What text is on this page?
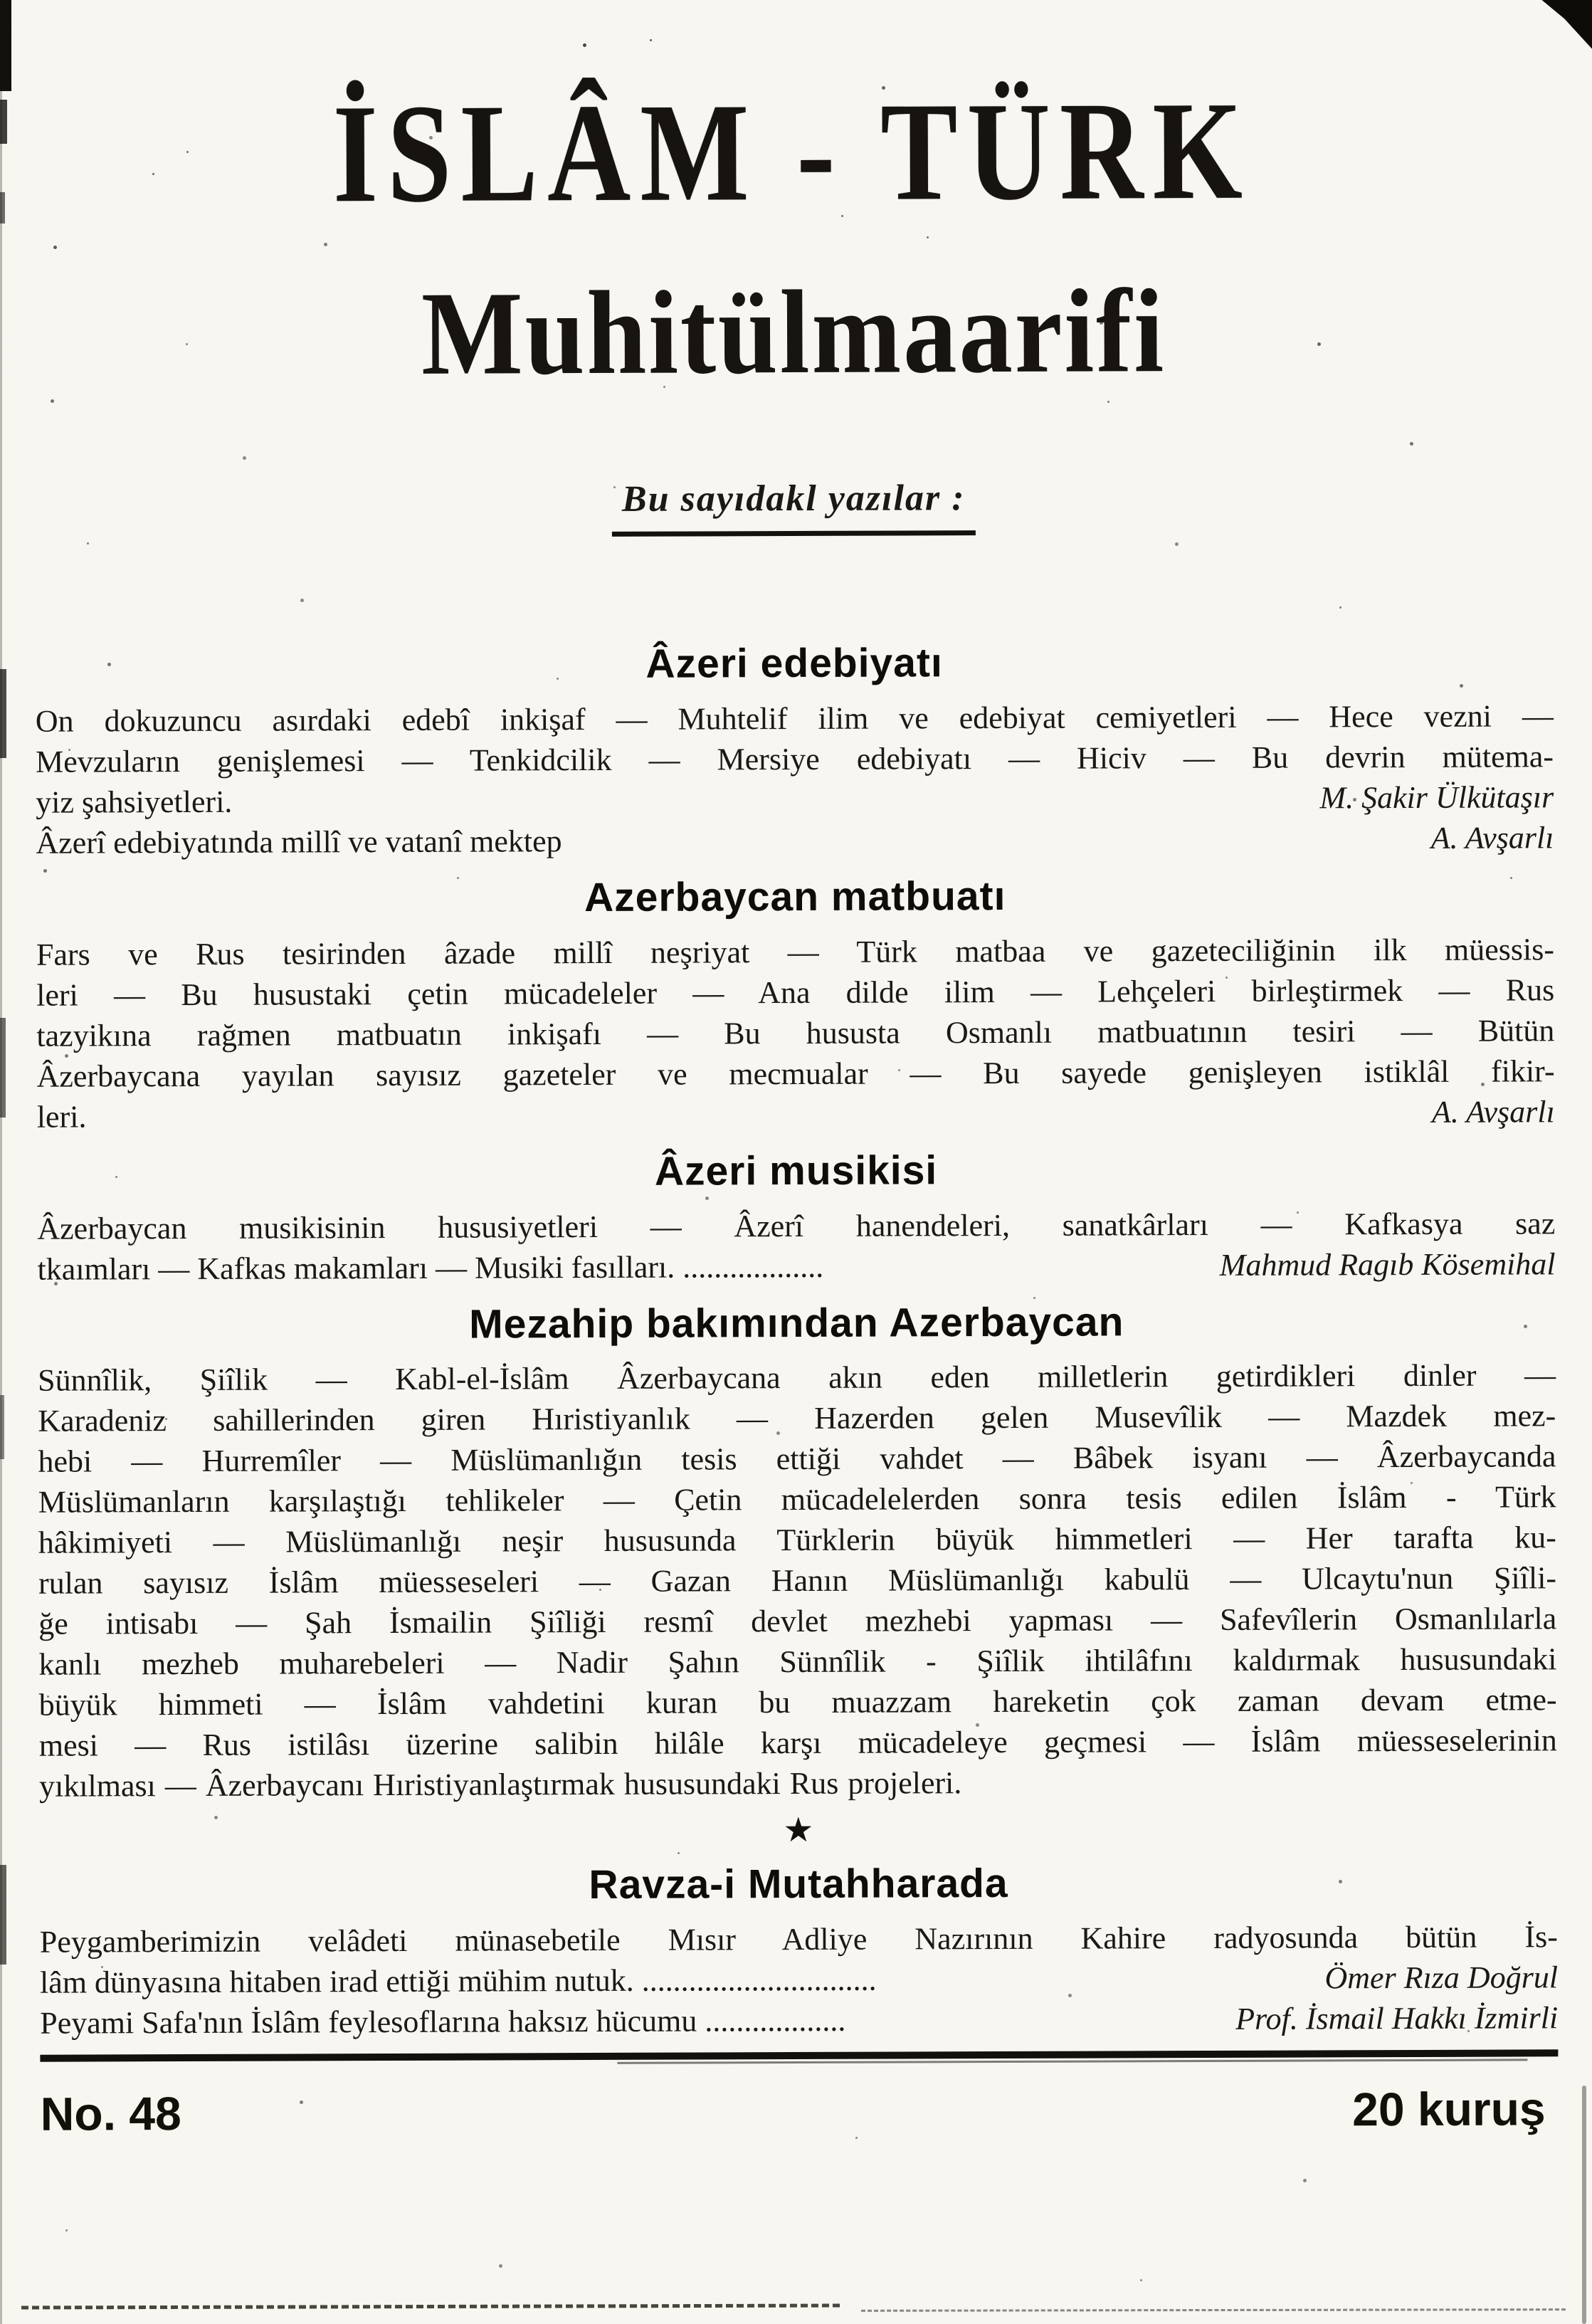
İSLÂM - TÜRK
Muhitülmaarifi
Bu sayıdakl yazılar :
Âzeri edebiyatı
On dokuzuncu asırdaki edebî inkişaf — Muhtelif ilim ve edebiyat cemiyetleri — Hece vezni —
Mevzuların genişlemesi — Tenkidcilik — Mersiye edebiyatı — Hiciv — Bu devrin mütema-
yiz şahsiyetleri.	M. Şakir Ülkütaşır
Âzerî edebiyatında millî ve vatanî mektep	A. Avşarlı
Azerbaycan matbuatı
Fars ve Rus tesirinden âzade millî neşriyat — Türk matbaa ve gazeteciliğinin ilk müessis-
leri — Bu husustaki çetin mücadeleler — Ana dilde ilim — Lehçeleri birleştirmek — Rus
tazyikına rağmen matbuatın inkişafı — Bu hususta Osmanlı matbuatının tesiri — Bütün
Âzerbaycana yayılan sayısız gazeteler ve mecmualar — Bu sayede genişleyen istiklâl fikir-
leri.	A. Avşarlı
Âzeri musikisi
Âzerbaycan musikisinin hususiyetleri — Âzerî hanendeleri, sanatkârları — Kafkasya saz
tkaımları — Kafkas makamları — Musiki fasılları. ..................	Mahmud Ragıb Kösemihal
Mezahip bakımından Azerbaycan
Sünnîlik, Şiîlik — Kabl-el-İslâm Âzerbaycana akın eden milletlerin getirdikleri dinler —
Karadeniz sahillerinden giren Hıristiyanlık — Hazerden gelen Musevîlik — Mazdek mez-
hebi — Hurremîler — Müslümanlığın tesis ettiği vahdet — Bâbek isyanı — Âzerbaycanda
Müslümanların karşılaştığı tehlikeler — Çetin mücadelelerden sonra tesis edilen İslâm - Türk
hâkimiyeti — Müslümanlığı neşir hususunda Türklerin büyük himmetleri — Her tarafta ku-
rulan sayısız İslâm müesseseleri — Gazan Hanın Müslümanlığı kabulü — Ulcaytu'nun Şiîli-
ğe intisabı — Şah İsmailin Şiîliği resmî devlet mezhebi yapması — Safevîlerin Osmanlılarla
kanlı mezheb muharebeleri — Nadir Şahın Sünnîlik - Şiîlik ihtilâfını kaldırmak hususundaki
büyük himmeti — İslâm vahdetini kuran bu muazzam hareketin çok zaman devam etme-
mesi — Rus istilâsı üzerine salibin hilâle karşı mücadeleye geçmesi — İslâm müesseselerinin
yıkılması — Âzerbaycanı Hıristiyanlaştırmak hususundaki Rus projeleri.
★
Ravza-i Mutahharada
Peygamberimizin velâdeti münasebetile Mısır Adliye Nazırının Kahire radyosunda bütün İs-
lâm dünyasına hitaben irad ettiği mühim nutuk. ..............................	Ömer Rıza Doğrul
Peyami Safa'nın İslâm feylesoflarına haksız hücumu ..................	Prof. İsmail Hakkı İzmirli
No. 48	20 kuruş
